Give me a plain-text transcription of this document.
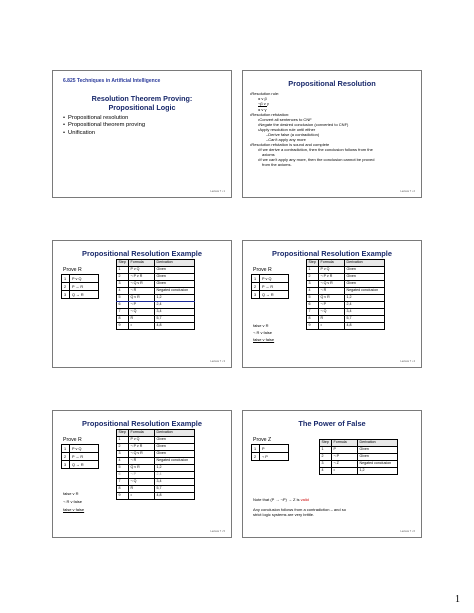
6.825 Techniques in Artificial Intelligence
Resolution Theorem Proving:
Propositional Logic
• Propositional resolution
• Propositional theorem proving
• Unification
Lecture 7 • 1
Propositional Resolution
• Resolution rule:
α v β
¬β v γ
α v γ
• Resolution refutation:
• Convert all sentences to CNF
• Negate the desired conclusion (converted to CNF)
• Apply resolution rule until either
– Derive false (a contradiction)
– Can't apply any more
• Resolution refutation is sound and complete
• If we derive a contradiction, then the conclusion follows from the
axioms
• If we can't apply any more, then the conclusion cannot be proved
from the axioms.
Lecture 7 • 2
Propositional Resolution Example
Prove R
1	P v Q
2	P → R
3	Q → R
Step	Formula	Derivation
1	P v Q	Given
2	¬ P v R	Given
3	¬ Q v R	Given
4	¬ R	Negated conclusion
5	Q v R	1,2
6	¬ P	2,4
7	¬ Q	3,4
8	R	5,7
9	•	4,8
Lecture 7 • 3
Propositional Resolution Example
Prove R
1	P v Q
2	P → R
3	Q → R
false v R
¬ R v false
false v false
Step	Formula	Derivation
1	P v Q	Given
2	¬ P v R	Given
3	¬ Q v R	Given
4	¬ R	Negated conclusion
5	Q v R	1,2
6	¬ P	2,4
7	¬ Q	3,4
8	R	5,7
9	•	4,8
Lecture 7 • 4
Propositional Resolution Example
Prove R
1	P v Q
2	P → R
3	Q → R
false v R
¬ R v false
false v false
Step	Formula	Derivation
1	P v Q	Given
2	¬ P v R	Given
3	¬ Q v R	Given
4	¬ R	Negated conclusion
5	Q v R	1,2
6	¬ P	2,4
7	¬ Q	3,4
8	R	5,7
9	•	4,8
Lecture 7 • 5
The Power of False
Prove Z
1	P
2	¬ P
Step	Formula	Derivation
1	P	Given
2	¬ P	Given
3	¬ Z	Negated conclusion
4	•	1,2
Note that (P → ¬P) → Z is valid
Any conclusion follows from a contradiction – and so
strict logic systems are very brittle.
Lecture 7 • 6
1
